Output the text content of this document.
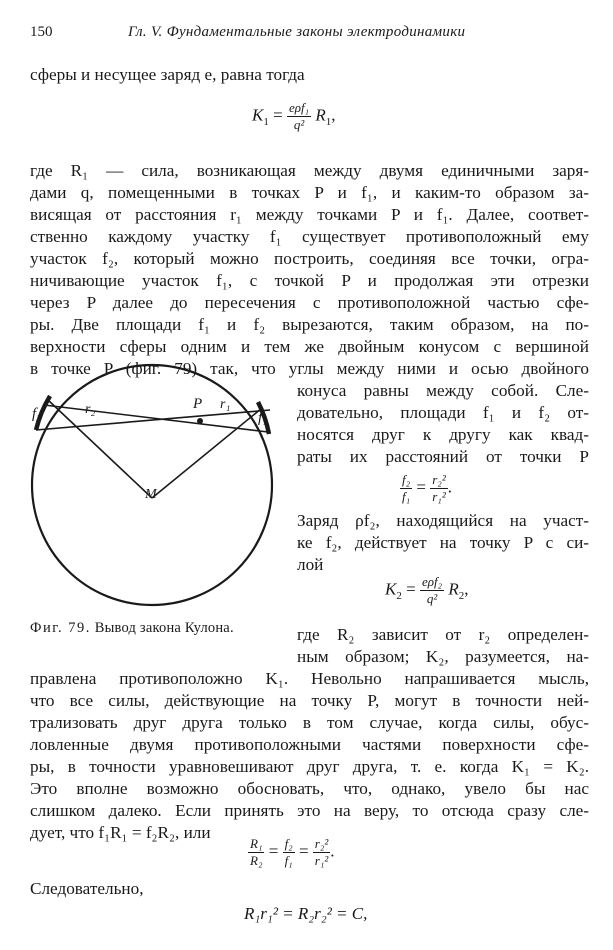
150	Гл. V. Фундаментальные законы электродинамики
сферы и несущее заряд e, равна тогда
$K_1 = \frac{\text{eρf₁}}{\text{q²}} R_1$,
где R₁ — сила, возникающая между двумя единичными заря-
дами q, помещенными в точках P и f₁, и каким-то образом за-
висящая от расстояния r₁ между точками P и f₁. Далее, соответ-
ственно каждому участку f₁ существует противоположный ему
участок f₂, который можно построить, соединяя все точки, огра-
ничивающие участок f₁, с точкой P и продолжая эти отрезки
через P далее до пересечения с противоположной частью сфе-
ры. Две площади f₁ и f₂ вырезаются, таким образом, на по-
верхности сферы одним и тем же двойным конусом с вершиной
в точке P (фиг. 79) так, что углы между ними и осью двойного
конуса равны между собой. Сле-
довательно, площади f₁ и f₂ от-
носятся друг к другу как квад-
раты их расстояний от точки P
$\frac{\text{f₂}}{\text{f₁}} = \frac{\text{r₂²}}{\text{r₁²}}$ .
Заряд ρf₂, находящийся на участ-
ке f₂, действует на точку P с си-
лой
$K_2 = \frac{\text{eρf₂}}{\text{q²}} R_2$,
f₂	r₂	P r₁
f₁
M
Фиг. 79. Вывод закона Кулона.	где R₂ зависит от r₂ определен-
ным образом; K₂, разумеется, на-
правлена противоположно K₁. Невольно напрашивается мысль,
что все силы, действующие на точку P, могут в точности ней-
трализовать друг друга только в том случае, когда силы, обус-
ловленные двумя противоположными частями поверхности сфе-
ры, в точности уравновешивают друг друга, т. е. когда K₁ = K₂.
Это вполне возможно обосновать, что, однако, увело бы нас
слишком далеко. Если принять это на веру, то отсюда сразу сле-
дует, что f₁R₁ = f₂R₂, или
$\frac{\text{R₁}}{\text{R₂}} = \frac{\text{f₂}}{\text{f₁}} = \frac{\text{r₂²}}{\text{r₁²}}$ .
Следовательно,
R₁r₁² = R₂r₂² = C,
